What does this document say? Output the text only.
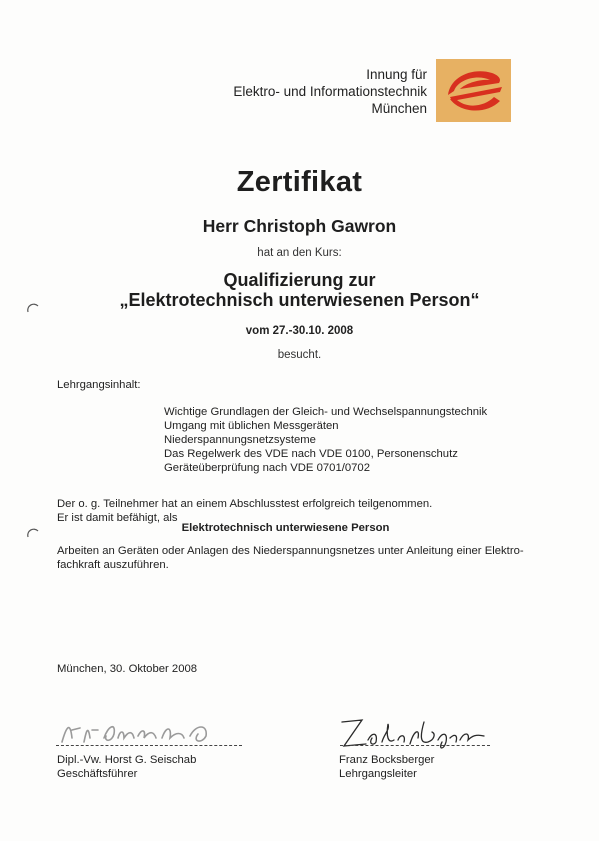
Innung für
Elektro- und Informationstechnik
München
Zertifikat
Herr Christoph Gawron
hat an den Kurs:
Qualifizierung zur
„Elektrotechnisch unterwiesenen Person“
vom 27.-30.10. 2008
besucht.
Lehrgangsinhalt:
Wichtige Grundlagen der Gleich- und Wechselspannungstechnik
Umgang mit üblichen Messgeräten
Niederspannungsnetzsysteme
Das Regelwerk des VDE nach VDE 0100, Personenschutz
Geräteüberprüfung nach VDE 0701/0702
Der o. g. Teilnehmer hat an einem Abschlusstest erfolgreich teilgenommen.
Er ist damit befähigt, als
Elektrotechnisch unterwiesene Person
Arbeiten an Geräten oder Anlagen des Niederspannungsnetzes unter Anleitung einer Elektro-fachkraft auszuführen.
München, 30. Oktober 2008
Dipl.-Vw. Horst G. Seischab
Geschäftsführer
Franz Bocksberger
Lehrgangsleiter
